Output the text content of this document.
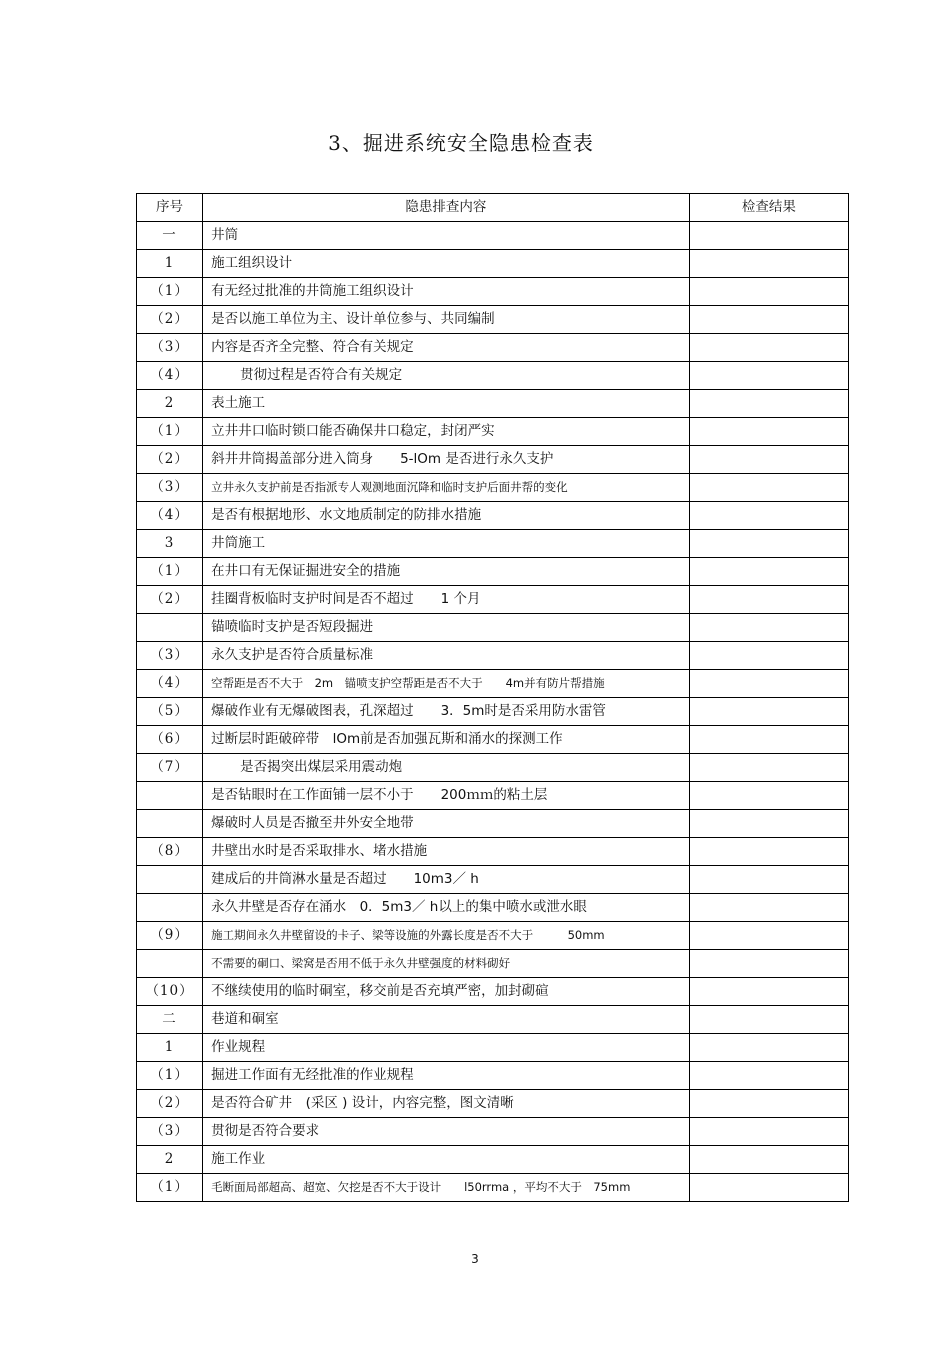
3、掘进系统安全隐患检查表
序号	隐患排查内容	检查结果
一	井筒	
1	施工组织设计	
（1）	有无经过批准的井筒施工组织设计	
（2）	是否以施工单位为主、设计单位参与、共同编制	
（3）	内容是否齐全完整、符合有关规定	
（4）	贯彻过程是否符合有关规定	
2	表土施工	
（1）	立井井口临时锁口能否确保井口稳定，封闭严实	
（2）	斜井井筒揭盖部分进入筒身　　5-lOm 是否进行永久支护	
（3）	立井永久支护前是否指派专人观测地面沉降和临时支护后面井帮的变化	
（4）	是否有根据地形、水文地质制定的防排水措施	
3	井筒施工	
（1）	在井口有无保证掘进安全的措施	
（2）	挂圈背板临时支护时间是否不超过　　1 个月	
	锚喷临时支护是否短段掘进	
（3）	永久支护是否符合质量标准	
（4）	空帮距是否不大于　2m　锚喷支护空帮距是否不大于　　4m并有防片帮措施	
（5）	爆破作业有无爆破图表，孔深超过　　3．5m时是否采用防水雷管	
（6）	过断层时距破碎带　lOm前是否加强瓦斯和涌水的探测工作	
（7）	是否揭突出煤层采用震动炮	
	是否钻眼时在工作面铺一层不小于　　200ｍｍ的粘土层	
	爆破时人员是否撤至井外安全地带	
（8）	井壁出水时是否采取排水、堵水措施	
	建成后的井筒淋水量是否超过　　10m3／ h	
	永久井壁是否存在涌水　0．5m3／ h以上的集中喷水或泄水眼	
（9）	施工期间永久井壁留设的卡子、梁等设施的外露长度是否不大于　　　50mm	
	不需要的硐口、梁窝是否用不低于永久井壁强度的材料砌好	
（10）	不继续使用的临时硐室，移交前是否充填严密，加封砌碹	
二	巷道和硐室	
1	作业规程	
（1）	掘进工作面有无经批准的作业规程	
（2）	是否符合矿井　(采区 ) 设计，内容完整，图文清晰	
（3）	贯彻是否符合要求	
2	施工作业	
（1）	毛断面局部超高、超宽、欠挖是否不大于设计　　l50rrma ，平均不大于　75mm	
3
